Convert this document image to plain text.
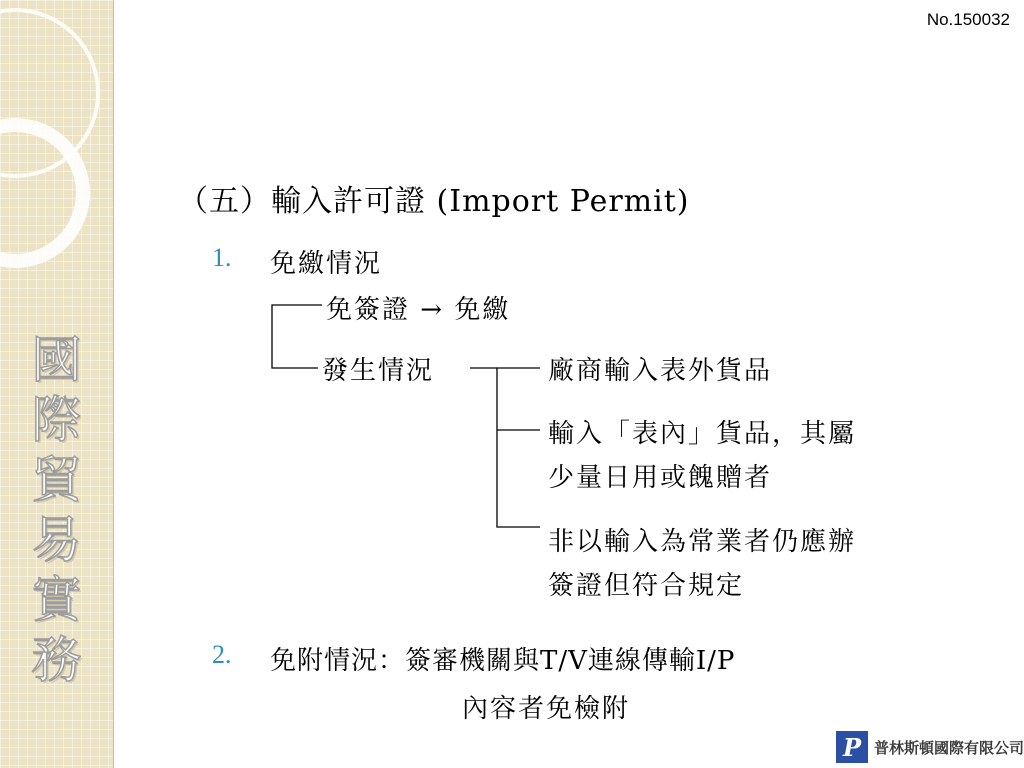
國
際
貿
易
實
務
No.150032
（五）輸入許可證 (Import Permit)
1. 免繳情況
免簽證 → 免繳
發生情況	廠商輸入表外貨品
輸入「表內」貨品，其屬
少量日用或餽贈者
非以輸入為常業者仍應辦
簽證但符合規定
2. 免附情況：簽審機關與T/V連線傳輸I/P
內容者免檢附
P 普林斯頓國際有限公司
